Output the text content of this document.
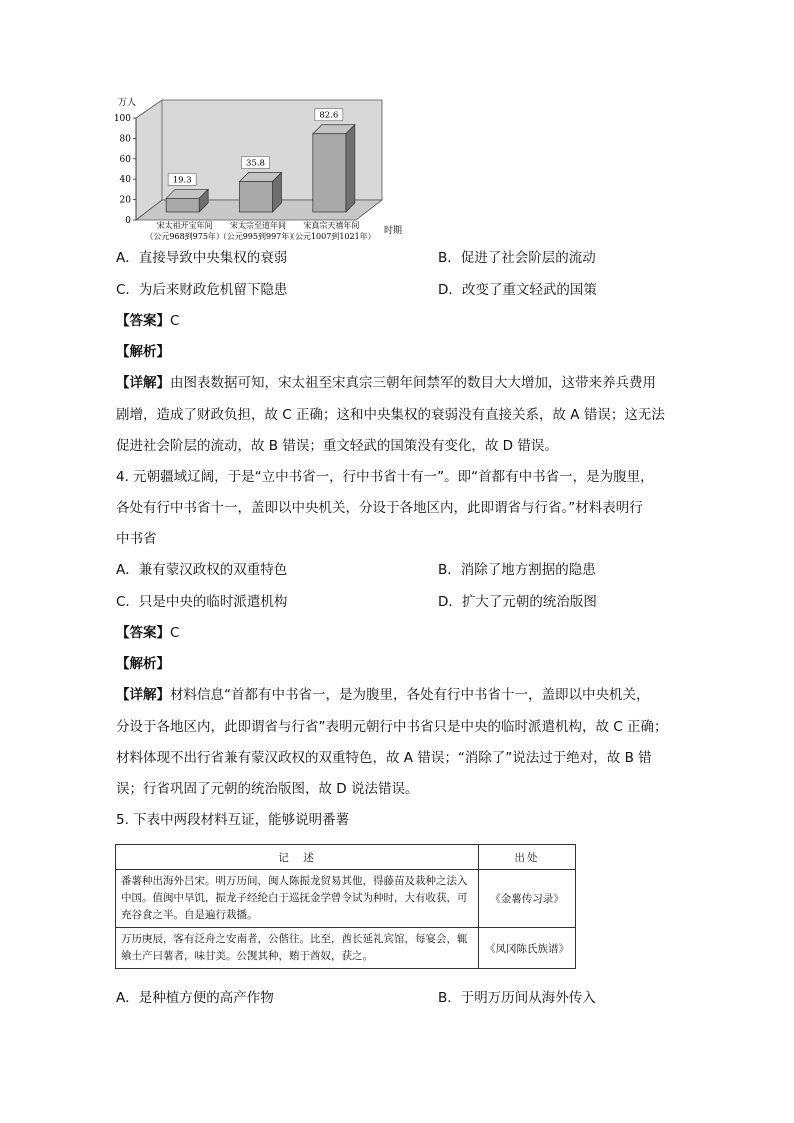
万人
时期
100
80
60
40
20
0
19.3
宋太祖开宝年间
（公元968到975年）
35.8
宋太宗至道年间
（公元995到997年）
82.6
宋真宗天禧年间
（公元1007到1021年）
A．直接导致中央集权的衰弱	B．促进了社会阶层的流动
C．为后来财政危机留下隐患	D．改变了重文轻武的国策
【答案】C
【解析】
【详解】由图表数据可知，宋太祖至宋真宗三朝年间禁军的数目大大增加，这带来养兵费用
剧增，造成了财政负担，故 C 正确；这和中央集权的衰弱没有直接关系，故 A 错误；这无法
促进社会阶层的流动，故 B 错误；重文轻武的国策没有变化，故 D 错误。
4. 元朝疆域辽阔，于是“立中书省一，行中书省十有一”。即“首都有中书省一，是为腹里，
各处有行中书省十一，盖即以中央机关，分设于各地区内，此即谓省与行省。”材料表明行
中书省
A．兼有蒙汉政权的双重特色	B．消除了地方割据的隐患
C．只是中央的临时派遣机构	D．扩大了元朝的统治版图
【答案】C
【解析】
【详解】材料信息“首都有中书省一，是为腹里，各处有行中书省十一，盖即以中央机关，
分设于各地区内，此即谓省与行省”表明元朝行中书省只是中央的临时派遣机构，故 C 正确；
材料体现不出行省兼有蒙汉政权的双重特色，故 A 错误；“消除了”说法过于绝对，故 B 错
误；行省巩固了元朝的统治版图，故 D 说法错误。
5. 下表中两段材料互证，能够说明番薯
记　述	出处
番薯种出海外吕宋。明万历间，闽人陈振龙贸易其他，得藤苗及栽种之法入中国。值闽中旱饥，振龙子经纶白于巡抚金学曾令试为种时，大有收获，可充谷食之半。自是遍行栽播。	《金薯传习录》
万历庚辰，客有泛舟之安南者，公偕往。比至，酋长延礼宾馆，每宴会，辄飨土产曰薯者，味甘美。公觊其种，贿于酋奴，获之。	《凤冈陈氏族谱》
A．是种植方便的高产作物	B．于明万历间从海外传入
